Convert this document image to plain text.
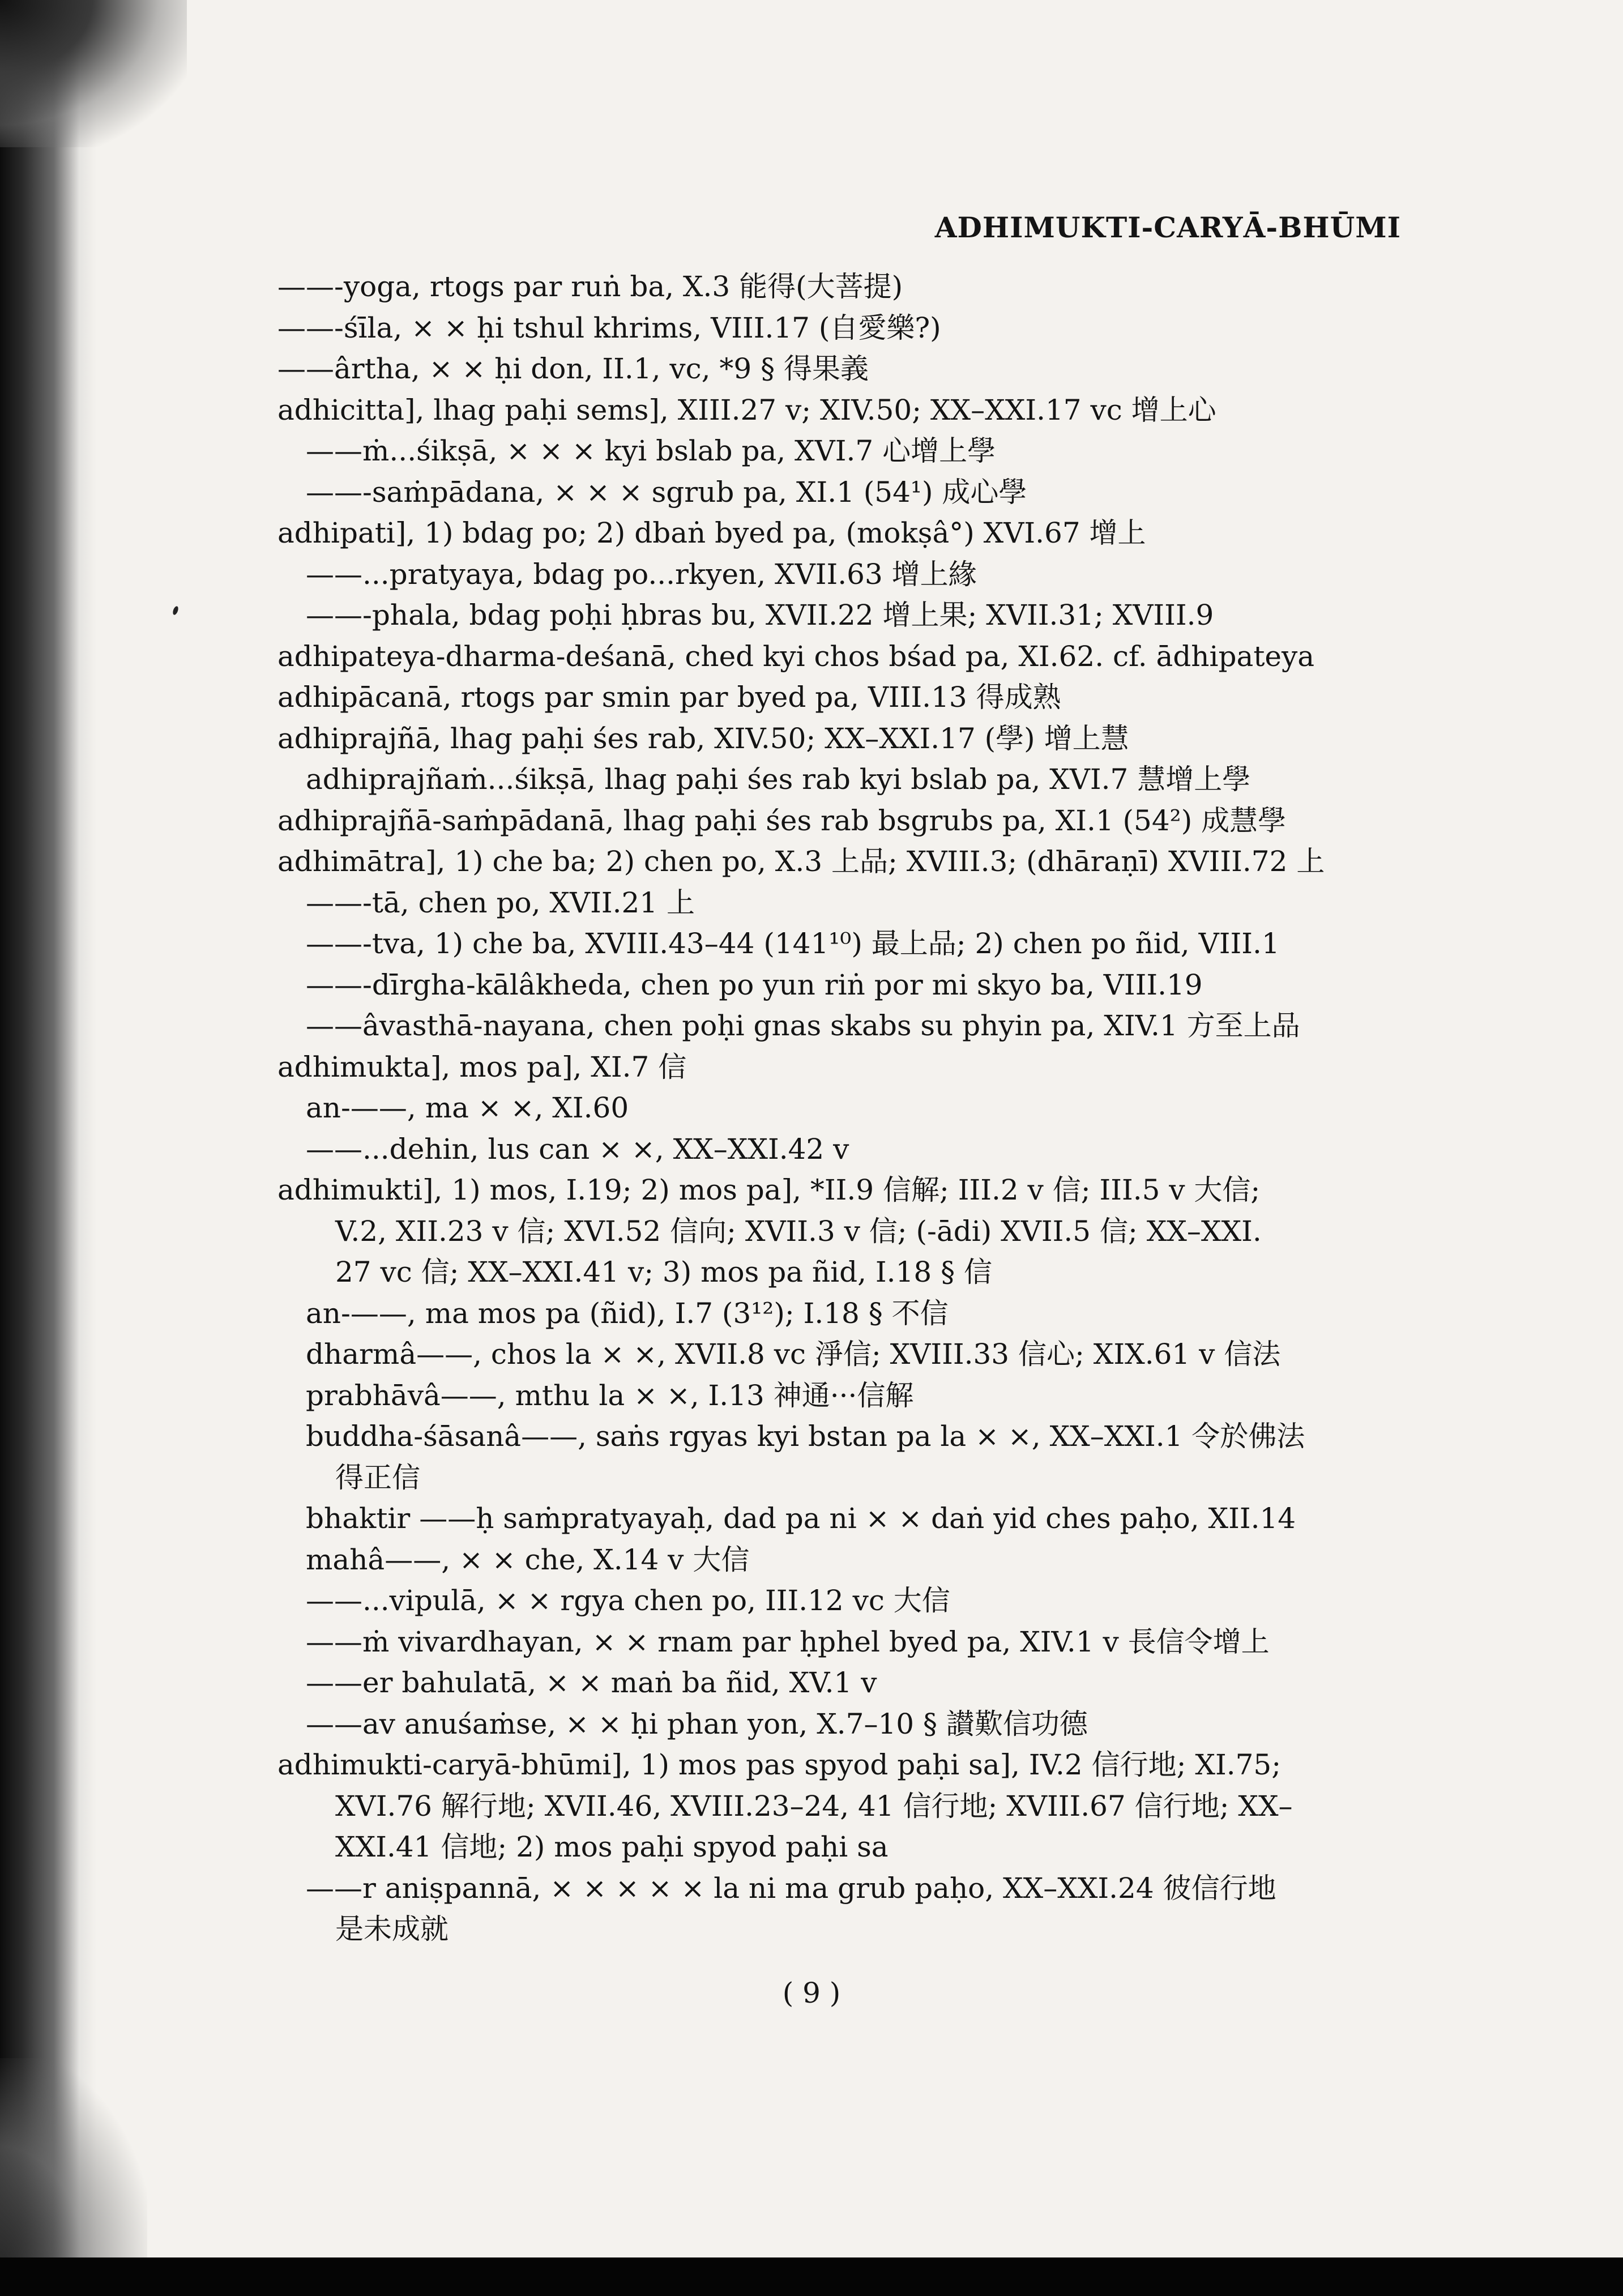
ADHIMUKTI-CARYĀ-BHŪMI
——-yoga, rtogs par ruṅ ba, X.3 能得(大菩提)
——-śīla, × × ḥi tshul khrims, VIII.17 (自愛樂?)
——ârtha, × × ḥi don, II.1, vc, *9 § 得果義
adhicitta], lhag paḥi sems], XIII.27 v; XIV.50; XX–XXI.17 vc 增上心
——ṁ...śikṣā, × × × kyi bslab pa, XVI.7 心增上學
——-saṁpādana, × × × sgrub pa, XI.1 (54¹) 成心學
adhipati], 1) bdag po; 2) dbaṅ byed pa, (mokṣâ°) XVI.67 增上
——...pratyaya, bdag po...rkyen, XVII.63 增上緣
——-phala, bdag poḥi ḥbras bu, XVII.22 增上果; XVII.31; XVIII.9
adhipateya-dharma-deśanā, ched kyi chos bśad pa, XI.62. cf. ādhipateya
adhipācanā, rtogs par smin par byed pa, VIII.13 得成熟
adhiprajñā, lhag paḥi śes rab, XIV.50; XX–XXI.17 (學) 增上慧
adhiprajñaṁ...śikṣā, lhag paḥi śes rab kyi bslab pa, XVI.7 慧增上學
adhiprajñā-saṁpādanā, lhag paḥi śes rab bsgrubs pa, XI.1 (54²) 成慧學
adhimātra], 1) che ba; 2) chen po, X.3 上品; XVIII.3; (dhāraṇī) XVIII.72 上
——-tā, chen po, XVII.21 上
——-tva, 1) che ba, XVIII.43–44 (141¹⁰) 最上品; 2) chen po ñid, VIII.1
——-dīrgha-kālâkheda, chen po yun riṅ por mi skyo ba, VIII.19
——âvasthā-nayana, chen poḥi gnas skabs su phyin pa, XIV.1 方至上品
adhimukta], mos pa], XI.7 信
an-——, ma × ×, XI.60
——...dehin, lus can × ×, XX–XXI.42 v
adhimukti], 1) mos, I.19; 2) mos pa], *II.9 信解; III.2 v 信; III.5 v 大信;
V.2, XII.23 v 信; XVI.52 信向; XVII.3 v 信; (-ādi) XVII.5 信; XX–XXI.
27 vc 信; XX–XXI.41 v; 3) mos pa ñid, I.18 § 信
an-——, ma mos pa (ñid), I.7 (3¹²); I.18 § 不信
dharmâ——, chos la × ×, XVII.8 vc 淨信; XVIII.33 信心; XIX.61 v 信法
prabhāvâ——, mthu la × ×, I.13 神通···信解
buddha-śāsanâ——, saṅs rgyas kyi bstan pa la × ×, XX–XXI.1 令於佛法
得正信
bhaktir ——ḥ saṁpratyayaḥ, dad pa ni × × daṅ yid ches paḥo, XII.14
mahâ——, × × che, X.14 v 大信
——...vipulā, × × rgya chen po, III.12 vc 大信
——ṁ vivardhayan, × × rnam par ḥphel byed pa, XIV.1 v 長信令增上
——er bahulatā, × × maṅ ba ñid, XV.1 v
——av anuśaṁse, × × ḥi phan yon, X.7–10 § 讃歎信功德
adhimukti-caryā-bhūmi], 1) mos pas spyod paḥi sa], IV.2 信行地; XI.75;
XVI.76 解行地; XVII.46, XVIII.23–24, 41 信行地; XVIII.67 信行地; XX–
XXI.41 信地; 2) mos paḥi spyod paḥi sa
——r aniṣpannā, × × × × × la ni ma grub paḥo, XX–XXI.24 彼信行地
是未成就
( 9 )
